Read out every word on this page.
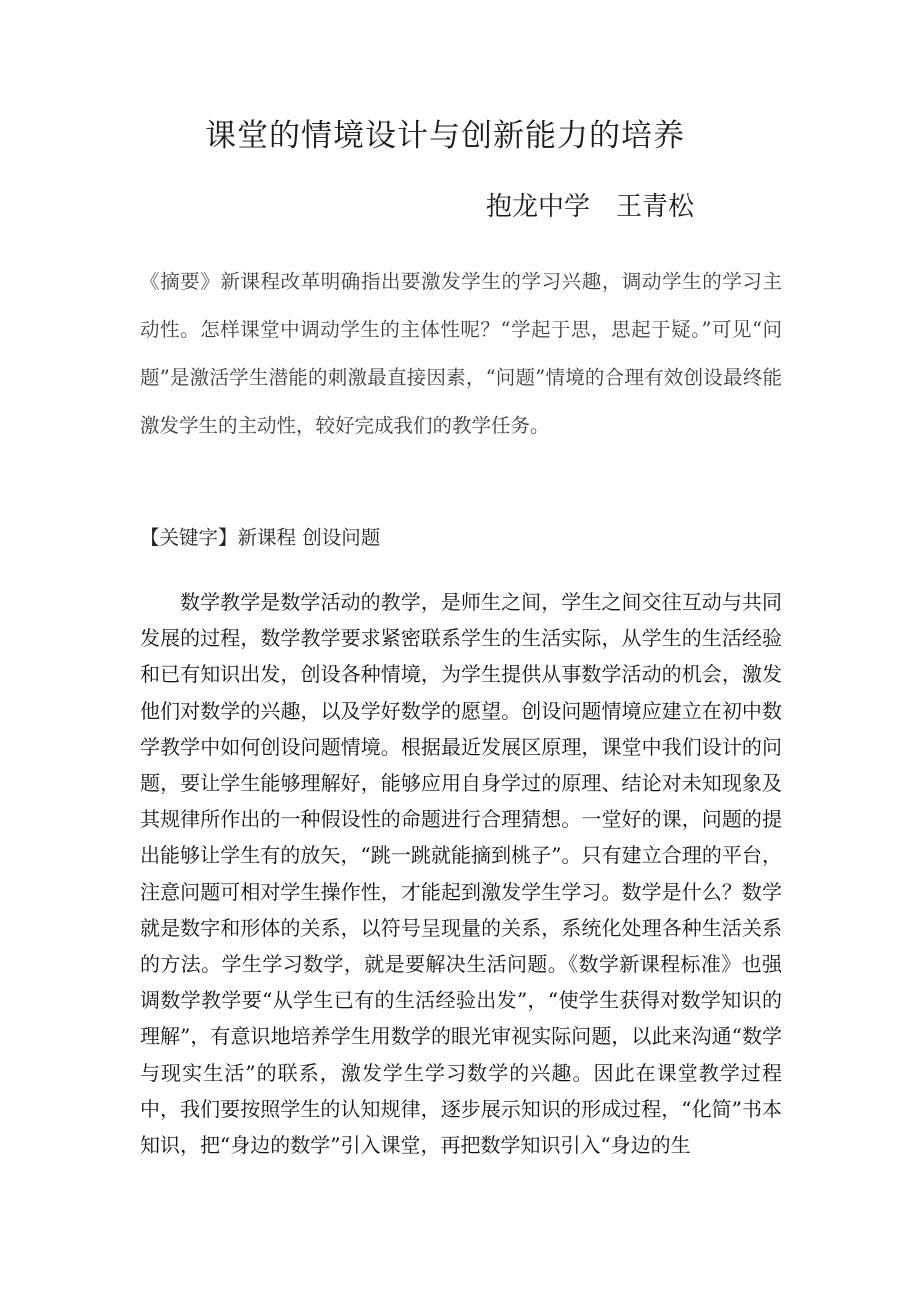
课堂的情境设计与创新能力的培养
抱龙中学　王青松
《摘要》新课程改革明确指出要激发学生的学习兴趣，调动学生的学习主动性。怎样课堂中调动学生的主体性呢？“学起于思，思起于疑。”可见“问题”是激活学生潜能的刺激最直接因素，“问题”情境的合理有效创设最终能激发学生的主动性，较好完成我们的教学任务。
【关键字】新课程 创设问题
数学教学是数学活动的教学，是师生之间，学生之间交往互动与共同发展的过程，数学教学要求紧密联系学生的生活实际，从学生的生活经验和已有知识出发，创设各种情境，为学生提供从事数学活动的机会，激发他们对数学的兴趣，以及学好数学的愿望。创设问题情境应建立在初中数学教学中如何创设问题情境。根据最近发展区原理，课堂中我们设计的问题，要让学生能够理解好，能够应用自身学过的原理、结论对未知现象及其规律所作出的一种假设性的命题进行合理猜想。一堂好的课，问题的提出能够让学生有的放矢，“跳一跳就能摘到桃子”。只有建立合理的平台，注意问题可相对学生操作性，才能起到激发学生学习。数学是什么？数学就是数字和形体的关系，以符号呈现量的关系，系统化处理各种生活关系的方法。学生学习数学，就是要解决生活问题。《数学新课程标准》也强调数学教学要“从学生已有的生活经验出发”，“使学生获得对数学知识的理解”，有意识地培养学生用数学的眼光审视实际问题，以此来沟通“数学与现实生活”的联系，激发学生学习数学的兴趣。因此在课堂教学过程中，我们要按照学生的认知规律，逐步展示知识的形成过程，“化简”书本知识，把“身边的数学”引入课堂，再把数学知识引入“身边的生
